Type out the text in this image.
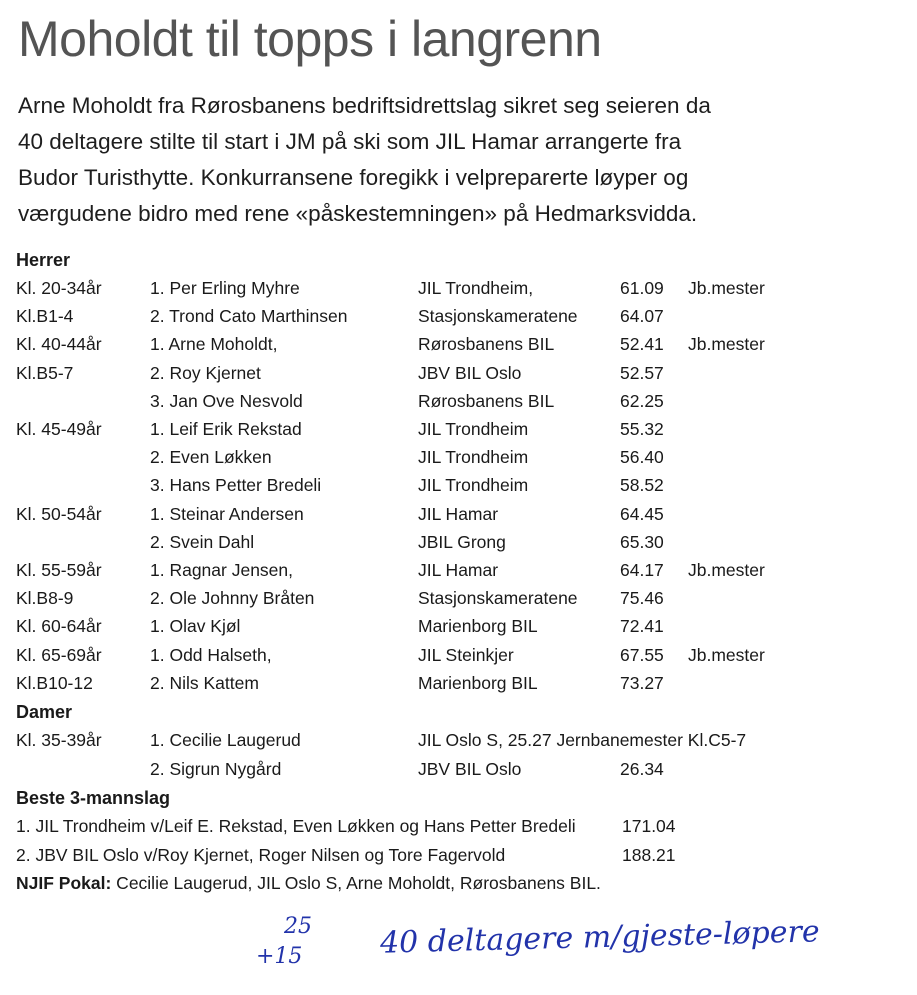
Moholdt til topps i langrenn
Arne Moholdt fra Rørosbanens bedriftsidrettslag sikret seg seieren da
40 deltagere stilte til start i JM på ski som JIL Hamar arrangerte fra
Budor Turisthytte. Konkurransene foregikk i velpreparerte løyper og
værgudene bidro med rene «påskestemningen» på Hedmarksvidda.
Herrer
Kl. 20-34år	1. Per Erling Myhre	JIL Trondheim,	61.09 Jb.mester
Kl.B1-4	2. Trond Cato Marthinsen	Stasjonskameratene 64.07
Kl. 40-44år	1. Arne Moholdt,	Rørosbanens BIL	52.41 Jb.mester
Kl.B5-7	2. Roy Kjernet	JBV BIL Oslo	52.57
3. Jan Ove Nesvold	Rørosbanens BIL	62.25
Kl. 45-49år	1. Leif Erik Rekstad	JIL Trondheim	55.32
2. Even Løkken	JIL Trondheim	56.40
3. Hans Petter Bredeli	JIL Trondheim	58.52
Kl. 50-54år	1. Steinar Andersen	JIL Hamar	64.45
2. Svein Dahl	JBIL Grong	65.30
Kl. 55-59år	1. Ragnar Jensen,	JIL Hamar	64.17 Jb.mester
Kl.B8-9	2. Ole Johnny Bråten	Stasjonskameratene 75.46
Kl. 60-64år	1. Olav Kjøl	Marienborg BIL	72.41
Kl. 65-69år	1. Odd Halseth,	JIL Steinkjer	67.55 Jb.mester
Kl.B10-12	2. Nils Kattem	Marienborg BIL	73.27
Damer
Kl. 35-39år	1. Cecilie Laugerud	JIL Oslo S, 25.27 Jernbanemester Kl.C5-7
2. Sigrun Nygård	JBV BIL Oslo	26.34
Beste 3-mannslag
1. JIL Trondheim v/Leif E. Rekstad, Even Løkken og Hans Petter Bredeli	171.04
2. JBV BIL Oslo v/Roy Kjernet, Roger Nilsen og Tore Fagervold	188.21
NJIF Pokal: Cecilie Laugerud, JIL Oslo S, Arne Moholdt, Rørosbanens BIL.
25
+15	40 deltagere m/gjeste-løpere
